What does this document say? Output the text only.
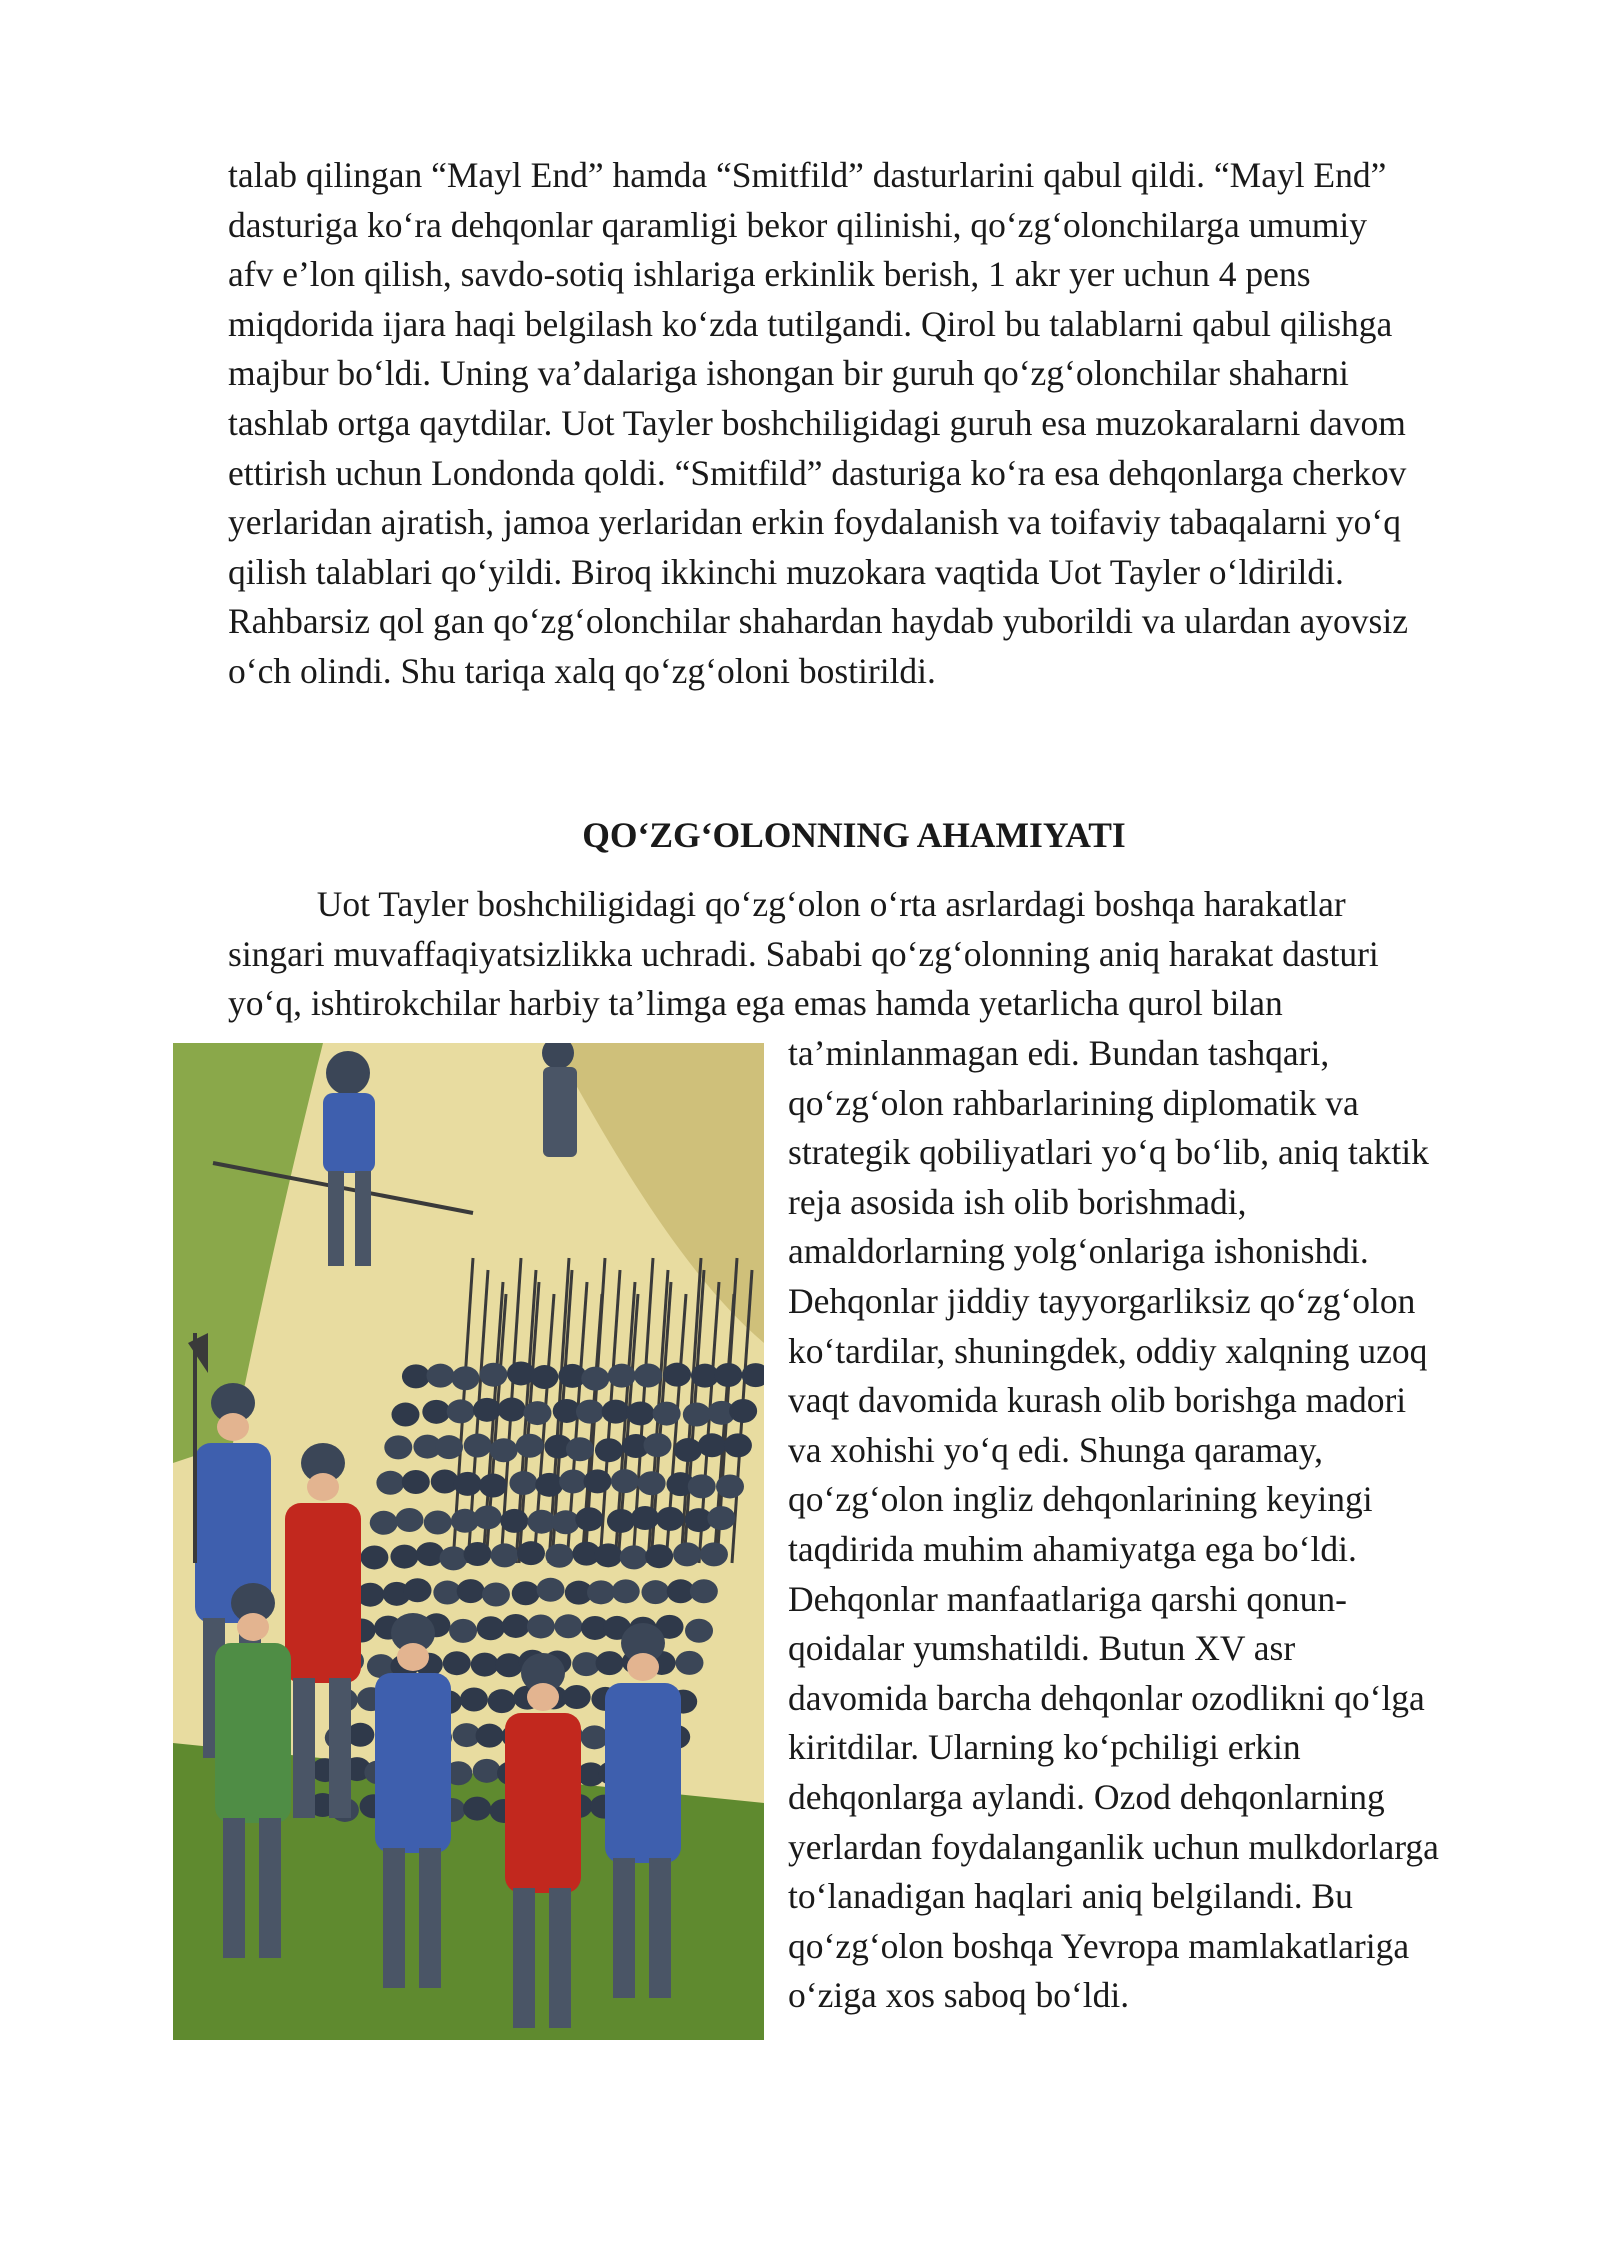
talab qilingan “Mayl End” hamda “Smitfild” dasturlarini qabul qildi. “Mayl End”
dasturiga koʻra dehqonlar qaramligi bekor qilinishi, qoʻzgʻolonchilarga umumiy
afv e’lon qilish, savdo-sotiq ishlariga erkinlik berish, 1 akr yer uchun 4 pens
miqdorida ijara haqi belgilash koʻzda tutilgandi. Qirol bu talablarni qabul qilishga
majbur boʻldi. Uning va’dalariga ishongan bir guruh qoʻzgʻolonchilar shaharni
tashlab ortga qaytdilar. Uot Tayler boshchiligidagi guruh esa muzokaralarni davom
ettirish uchun Londonda qoldi. “Smitfild” dasturiga koʻra esa dehqonlarga cherkov
yerlaridan ajratish, jamoa yerlaridan erkin foydalanish va toifaviy tabaqalarni yoʻq
qilish talablari qoʻyildi. Biroq ikkinchi muzokara vaqtida Uot Tayler oʻldirildi.
Rahbarsiz qol gan qoʻzgʻolonchilar shahardan haydab yuborildi va ulardan ayovsiz
oʻch olindi. Shu tariqa xalq qoʻzgʻoloni bostirildi.
QOʻZGʻOLONNING AHAMIYATI
Uot Tayler boshchiligidagi qoʻzgʻolon oʻrta asrlardagi boshqa harakatlar
singari muvaffaqiyatsizlikka uchradi. Sababi qoʻzgʻolonning aniq harakat dasturi
yoʻq, ishtirokchilar harbiy ta’limga ega emas hamda yetarlicha qurol bilan
ta’minlanmagan edi. Bundan tashqari,
qoʻzgʻolon rahbarlarining diplomatik va
strategik qobiliyatlari yoʻq boʻlib, aniq taktik
reja asosida ish olib borishmadi,
amaldorlarning yolgʻonlariga ishonishdi.
Dehqonlar jiddiy tayyorgarliksiz qoʻzgʻolon
koʻtardilar, shuningdek, oddiy xalqning uzoq
vaqt davomida kurash olib borishga madori
va xohishi yoʻq edi. Shunga qaramay,
qoʻzgʻolon ingliz dehqonlarining keyingi
taqdirida muhim ahamiyatga ega boʻldi.
Dehqonlar manfaatlariga qarshi qonun-
qoidalar yumshatildi. Butun XV asr
davomida barcha dehqonlar ozodlikni qoʻlga
kiritdilar. Ularning koʻpchiligi erkin
dehqonlarga aylandi. Ozod dehqonlarning
yerlardan foydalanganlik uchun mulkdorlarga
toʻlanadigan haqlari aniq belgilandi. Bu
qoʻzgʻolon boshqa Yevropa mamlakatlariga
oʻziga xos saboq boʻldi.
